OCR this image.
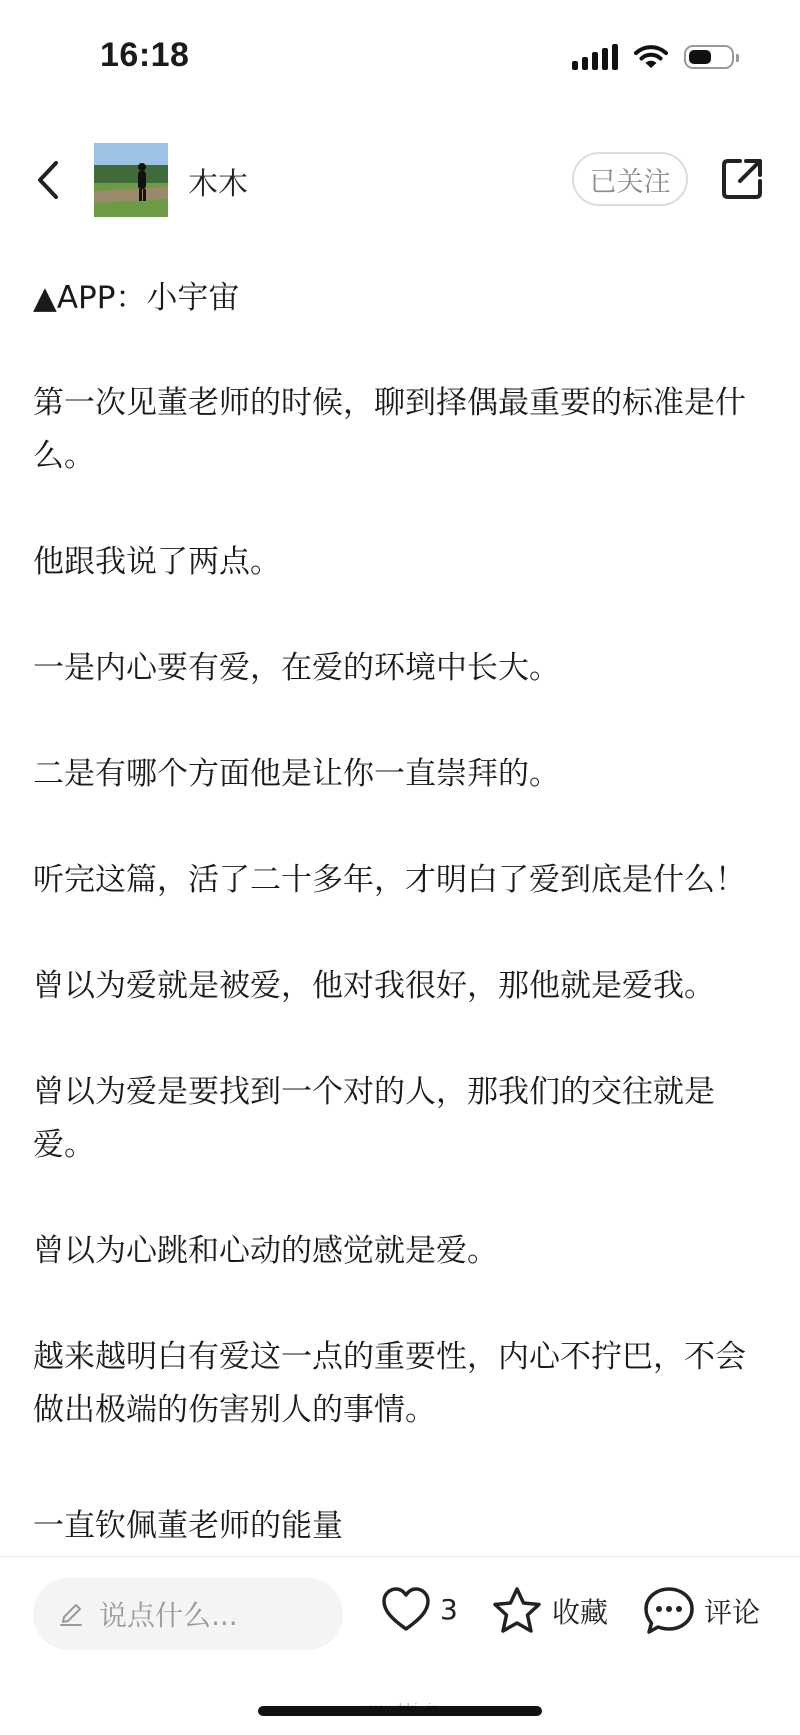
16:18
木木	已关注

▲APP：小宇宙

第一次见董老师的时候，聊到择偶最重要的标准是什么。

他跟我说了两点。

一是内心要有爱，在爱的环境中长大。

二是有哪个方面他是让你一直崇拜的。

听完这篇，活了二十多年，才明白了爱到底是什么！

曾以为爱就是被爱，他对我很好，那他就是爱我。

曾以为爱是要找到一个对的人，那我们的交往就是爱。

曾以为心跳和心动的感觉就是爱。

越来越明白有爱这一点的重要性，内心不拧巴，不会做出极端的伤害别人的事情。

一直钦佩董老师的能量
说点什么...	3	收藏	评论
